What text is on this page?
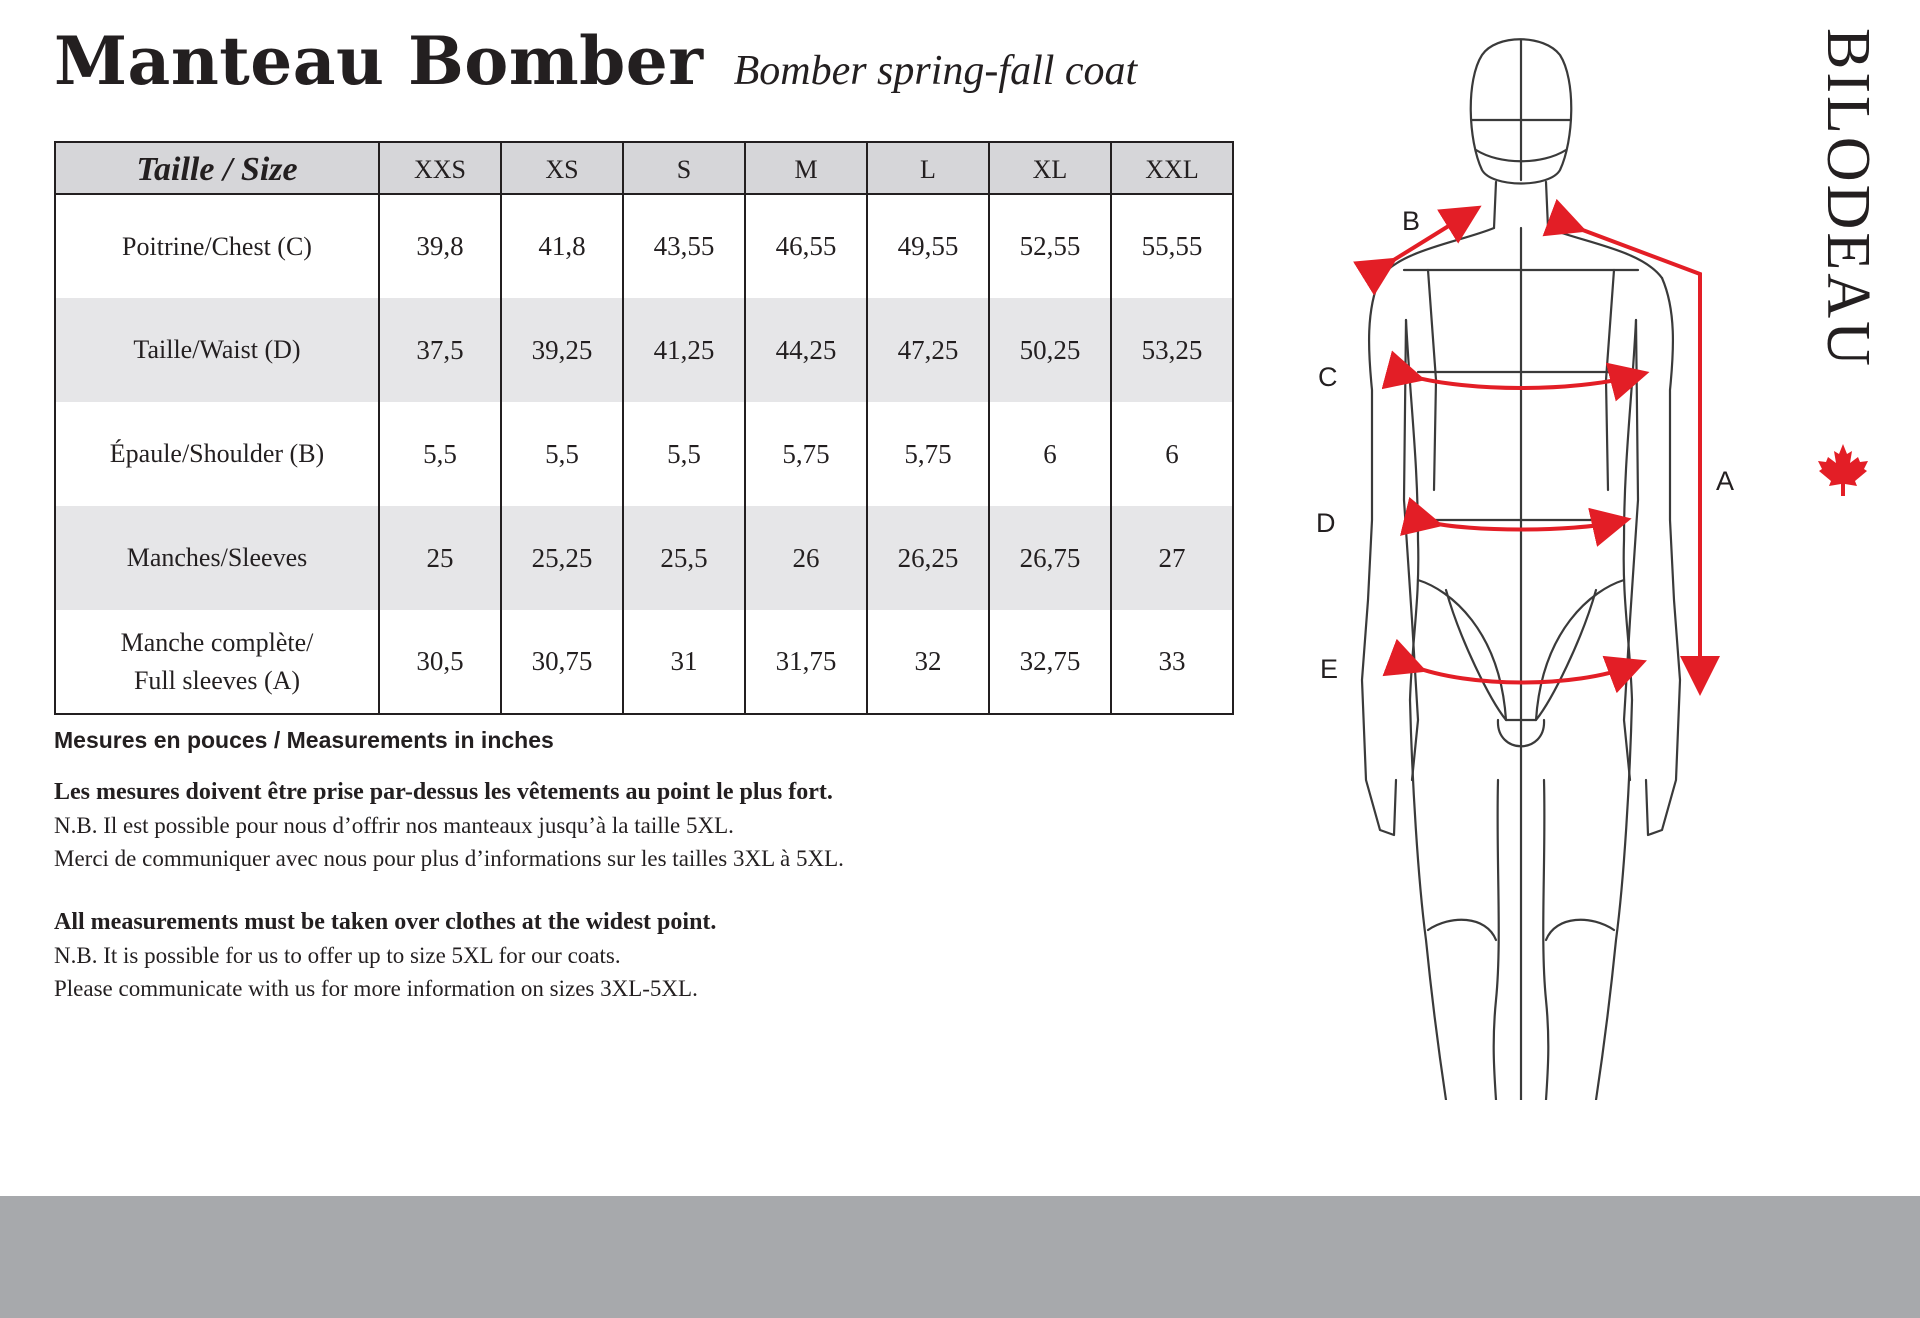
Manteau Bomber Bomber spring-fall coat
Taille / Size	XXS	XS	S	M	L	XL	XXL

Poitrine/Chest (C)	39,8	41,8	43,55	46,55	49,55	52,55	55,55

Taille/Waist (D)	37,5	39,25	41,25	44,25	47,25	50,25	53,25

Épaule/Shoulder (B)	5,5	5,5	5,5	5,75	5,75	6	6

Manches/Sleeves	25	25,25	25,5	26	26,25	26,75	27

Manche complète/
Full sleeves (A)	30,5	30,75	31	31,75	32	32,75	33
Mesures en pouces / Measurements in inches

Les mesures doivent être prise par-dessus les vêtements au point le plus fort.

N.B. Il est possible pour nous d’offrir nos manteaux jusqu’à la taille 5XL.

Merci de communiquer avec nous pour plus d’informations sur les tailles 3XL à 5XL.

All measurements must be taken over clothes at the widest point.

N.B. It is possible for us to offer up to size 5XL for our coats.

Please communicate with us for more information on sizes 3XL-5XL.

B
C
D
E
A
BILODEAU
